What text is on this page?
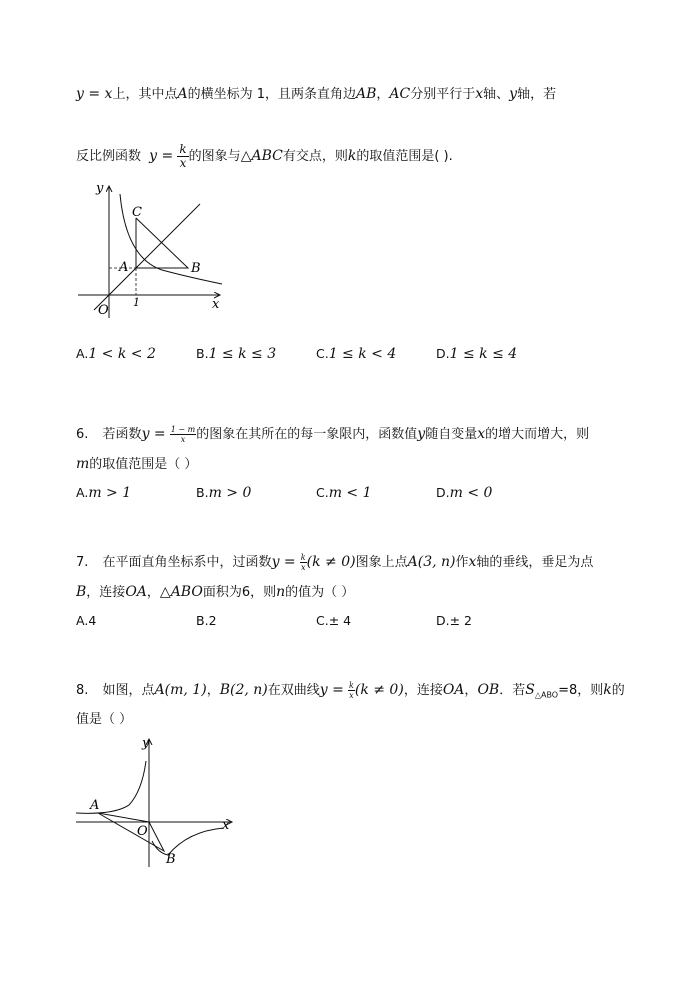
y = x上，其中点A的横坐标为 1，且两条直角边AB，AC分别平行于x轴、y轴，若
反比例函数 $y = \frac{k}{x}$ 的图象与△ABC有交点，则k的取值范围是( ).
y
x
O
C
A	B
1
A.1 < k < 2	B.1 ≤ k ≤ 3	C.1 ≤ k < 4	D.1 ≤ k ≤ 4
6. 若函数$y = \frac{1 - m}{x}$ 的图象在其所在的每一象限内，函数值y随自变量x的增大而增大，则
m的取值范围是（ ）
A.m > 1	B.m > 0	C.m < 1	D.m < 0
7. 在平面直角坐标系中，过函数$y = \frac{k}{x} (k \ne 0)$图象上点A(3, n)作x轴的垂线，垂足为点
B，连接OA，△ABO面积为6，则n的值为（ ）
A.4	B.2	C.± 4	D.± 2
8. 如图，点A(m, 1)，B(2, n)在双曲线$y = \frac{k}{x} (k \ne 0)$，连接OA，OB．若$S_{\triangle ABO}=8$，则k的
值是（ ）
y
x
O
A
B
